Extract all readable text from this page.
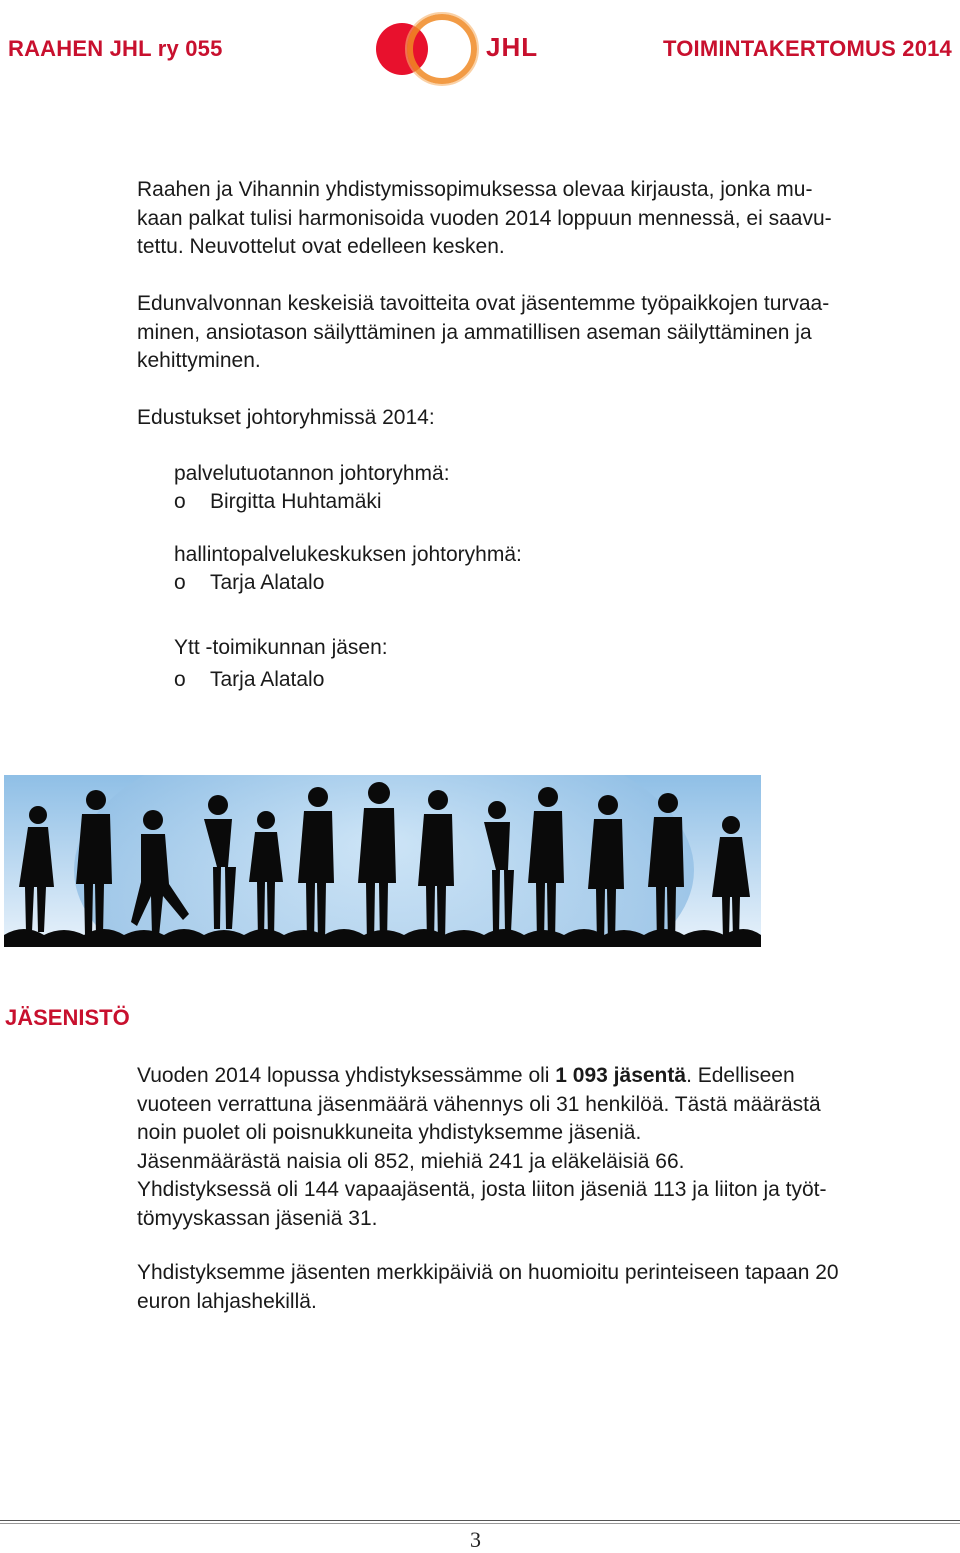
RAAHEN JHL ry 055	JHL	TOIMINTAKERTOMUS 2014
Raahen ja Vihannin yhdistymissopimuksessa olevaa kirjausta, jonka mu-
kaan palkat tulisi harmonisoida vuoden 2014 loppuun mennessä, ei saavu-
tettu. Neuvottelut ovat edelleen kesken.
Edunvalvonnan keskeisiä tavoitteita ovat jäsentemme työpaikkojen turvaa-
minen, ansiotason säilyttäminen ja ammatillisen aseman säilyttäminen ja
kehittyminen.
Edustukset johtoryhmissä 2014:
palvelutuotannon johtoryhmä:
o Birgitta Huhtamäki
hallintopalvelukeskuksen johtoryhmä:
o Tarja Alatalo
Ytt -toimikunnan jäsen:
o Tarja Alatalo
JÄSENISTÖ
Vuoden 2014 lopussa yhdistyksessämme oli 1 093 jäsentä. Edelliseen
vuoteen verrattuna jäsenmäärä vähennys oli 31 henkilöä. Tästä määrästä
noin puolet oli poisnukkuneita yhdistyksemme jäseniä.
Jäsenmäärästä naisia oli 852, miehiä 241 ja eläkeläisiä 66.
Yhdistyksessä oli 144 vapaajäsentä, josta liiton jäseniä 113 ja liiton ja työt-
tömyyskassan jäseniä 31.
Yhdistyksemme jäsenten merkkipäiviä on huomioitu perinteiseen tapaan 20
euron lahjashekillä.
3
